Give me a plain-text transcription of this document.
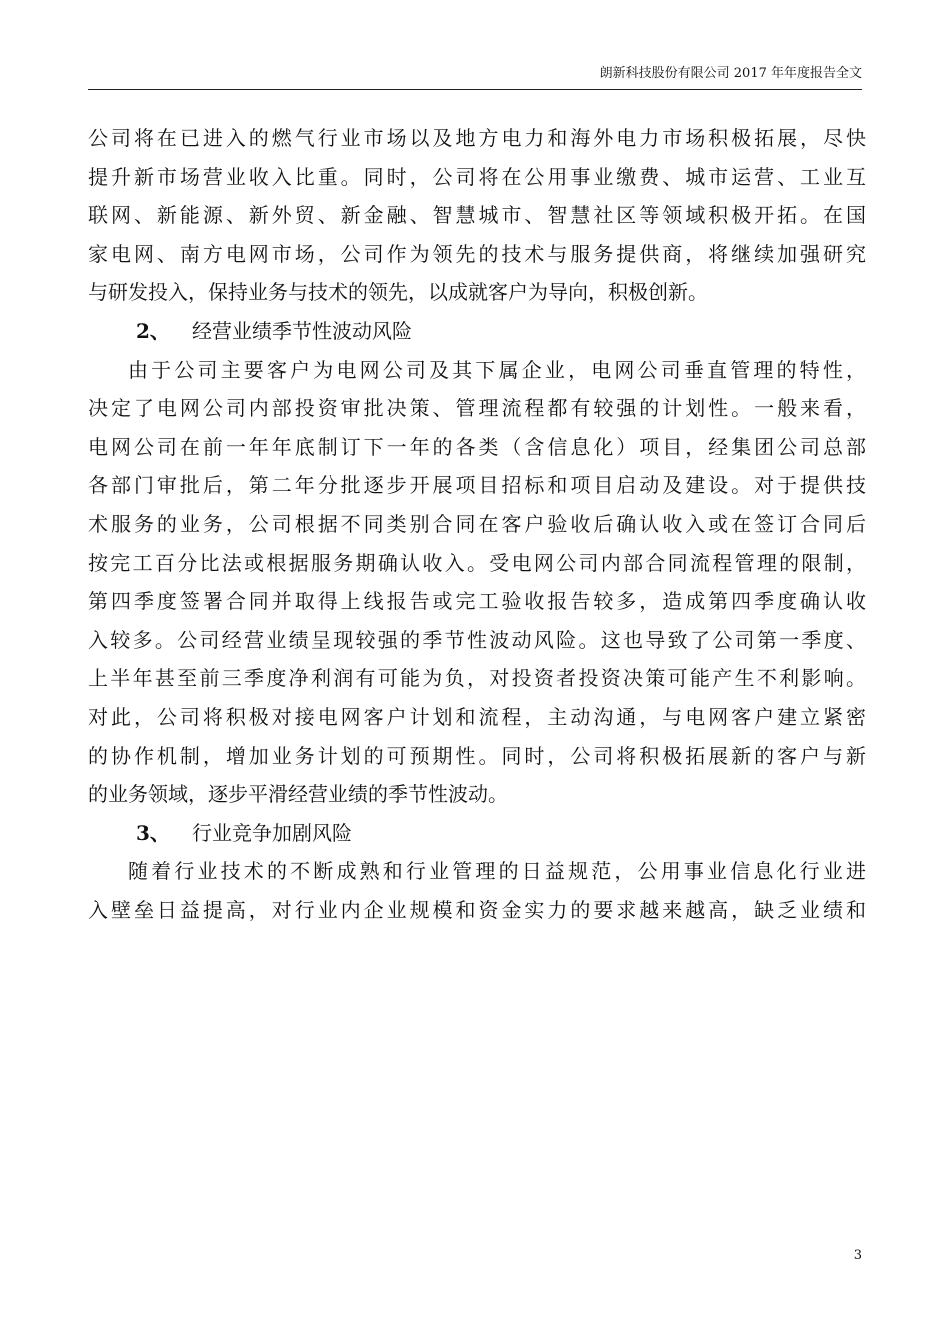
朗新科技股份有限公司 2017 年年度报告全文

公司将在已进入的燃气行业市场以及地方电力和海外电力市场积极拓展，尽快
提升新市场营业收入比重。同时，公司将在公用事业缴费、城市运营、工业互
联网、新能源、新外贸、新金融、智慧城市、智慧社区等领域积极开拓。在国
家电网、南方电网市场，公司作为领先的技术与服务提供商，将继续加强研究
与研发投入，保持业务与技术的领先，以成就客户为导向，积极创新。

2、 经营业绩季节性波动风险

由于公司主要客户为电网公司及其下属企业，电网公司垂直管理的特性，
决定了电网公司内部投资审批决策、管理流程都有较强的计划性。一般来看，
电网公司在前一年年底制订下一年的各类（含信息化）项目，经集团公司总部
各部门审批后，第二年分批逐步开展项目招标和项目启动及建设。对于提供技
术服务的业务，公司根据不同类别合同在客户验收后确认收入或在签订合同后
按完工百分比法或根据服务期确认收入。受电网公司内部合同流程管理的限制，
第四季度签署合同并取得上线报告或完工验收报告较多，造成第四季度确认收
入较多。公司经营业绩呈现较强的季节性波动风险。这也导致了公司第一季度、
上半年甚至前三季度净利润有可能为负，对投资者投资决策可能产生不利影响。
对此，公司将积极对接电网客户计划和流程，主动沟通，与电网客户建立紧密
的协作机制，增加业务计划的可预期性。同时，公司将积极拓展新的客户与新
的业务领域，逐步平滑经营业绩的季节性波动。

3、 行业竞争加剧风险

随着行业技术的不断成熟和行业管理的日益规范，公用事业信息化行业进
入壁垒日益提高，对行业内企业规模和资金实力的要求越来越高，缺乏业绩和

3
